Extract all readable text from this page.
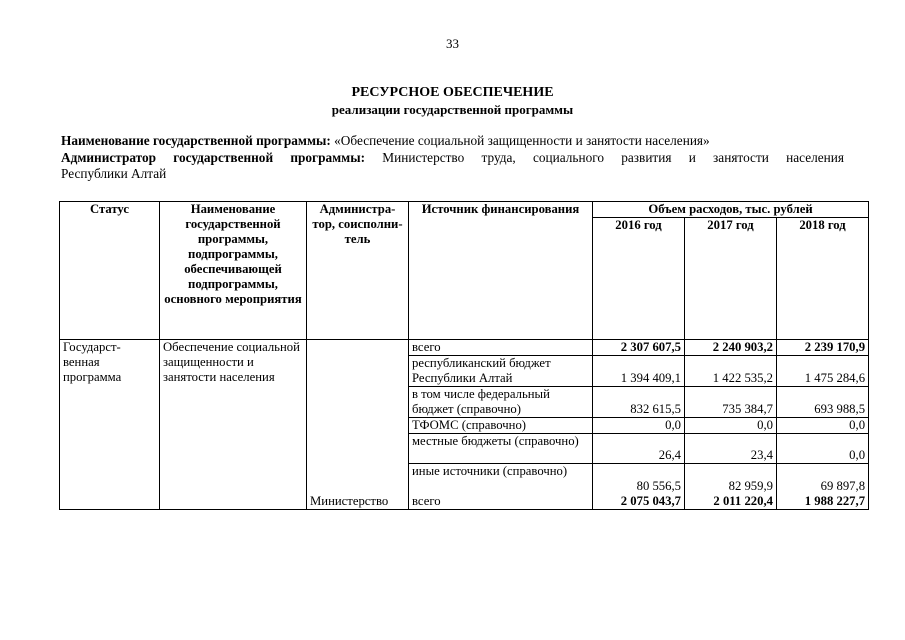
33
РЕСУРСНОЕ ОБЕСПЕЧЕНИЕ
реализации государственной программы
Наименование государственной программы: «Обеспечение социальной защищенности и занятости населения»
Администратор государственной программы: Министерство труда, социального развития и занятости населения
Республики Алтай
Статус	Наименование государственной программы, подпрограммы, обеспечивающей подпрограммы, основного мероприятия	Администра-тор, соисполни-тель	Источник финансирования	Объем расходов, тыс. рублей		
				2016 год	2017 год	2018 год
Государст-венная программа	Обеспечение социальной защищенности и занятости населения		всего	2 307 607,5	2 240 903,2	2 239 170,9
			республиканский бюджет Республики Алтай	1 394 409,1	1 422 535,2	1 475 284,6
			в том числе федеральный бюджет (справочно)	832 615,5	735 384,7	693 988,5
			ТФОМС (справочно)	0,0	0,0	0,0
			местные бюджеты (справочно)	26,4	23,4	0,0
			иные источники (справочно)	80 556,5	82 959,9	69 897,8
		Министерство	всего	2 075 043,7	2 011 220,4	1 988 227,7
